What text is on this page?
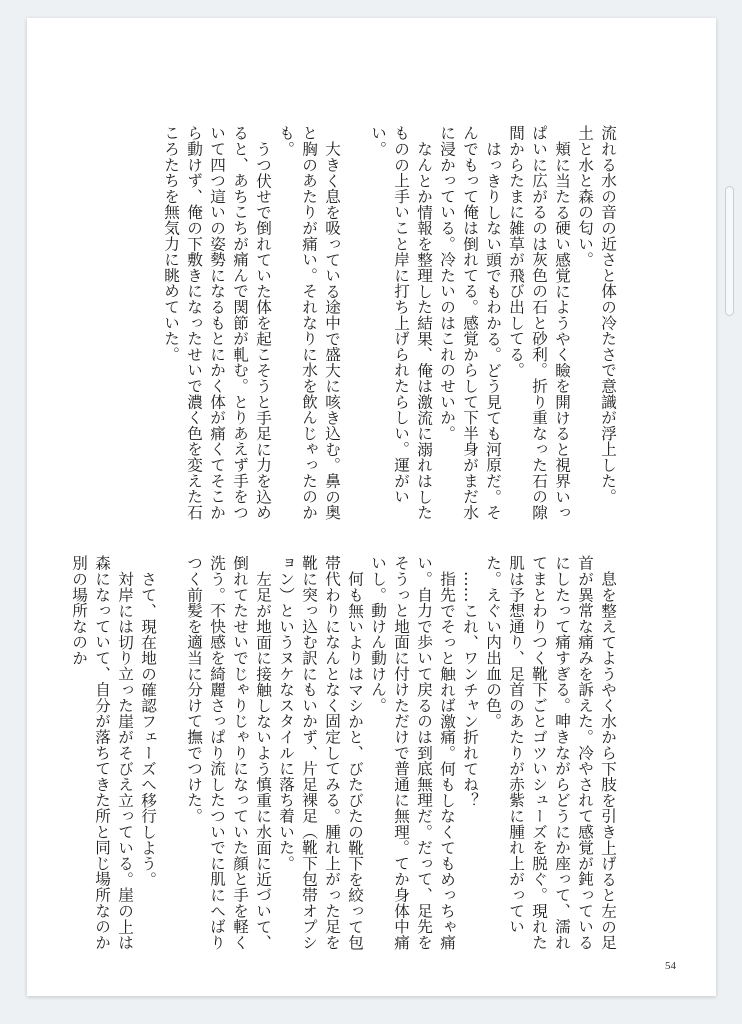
流れる水の音の近さと体の冷たさで意識が浮上した。

土と水と森の匂い。

頬に当たる硬い感覚にようやく瞼を開けると視界いっぱいに広がるのは灰色の石と砂利。折り重なった石の隙間からたまに雑草が飛び出してる。

はっきりしない頭でもわかる。どう見ても河原だ。そんでもって俺は倒れてる。感覚からして下半身がまだ水に浸かっている。冷たいのはこれのせいか。

なんとか情報を整理した結果、俺は激流に溺れはしたものの上手いこと岸に打ち上げられたらしい。運がいい。

大きく息を吸っている途中で盛大に咳き込む。鼻の奥と胸のあたりが痛い。それなりに水を飲んじゃったのかも。

うつ伏せで倒れていた体を起こそうと手足に力を込めると、あちこちが痛んで関節が軋む。とりあえず手をついて四つ這いの姿勢になるもとにかく体が痛くてそこから動けず、俺の下敷きになったせいで濃く色を変えた石ころたちを無気力に眺めていた。

息を整えてようやく水から下肢を引き上げると左の足首が異常な痛みを訴えた。冷やされて感覚が鈍っているにしたって痛すぎる。呻きながらどうにか座って、濡れてまとわりつく靴下ごとゴツいシューズを脱ぐ。現れた肌は予想通り、足首のあたりが赤紫に腫れ上がっていた。えぐい内出血の色。

……これ、ワンチャン折れてね？

指先でそっと触れば激痛。何もしなくてもめっちゃ痛い。自力で歩いて戻るのは到底無理だ。だって、足先をそうっと地面に付けただけで普通に無理。てか身体中痛いし。動けん動けん。

何も無いよりはマシかと、びたびたの靴下を絞って包帯代わりになんとなく固定してみる。腫れ上がった足を靴に突っ込む訳にもいかず、片足裸足（靴下包帯オプション）というヌケなスタイルに落ち着いた。

左足が地面に接触しないよう慎重に水面に近づいて、倒れてたせいでじゃりじゃりになっていた顔と手を軽く洗う。不快感を綺麗さっぱり流したついでに肌にへばりつく前髪を適当に分けて撫でつけた。

さて、現在地の確認フェーズへ移行しよう。

対岸には切り立った崖がそびえ立っている。崖の上は森になっていて、自分が落ちてきた所と同じ場所なのか別の場所なのか

54
